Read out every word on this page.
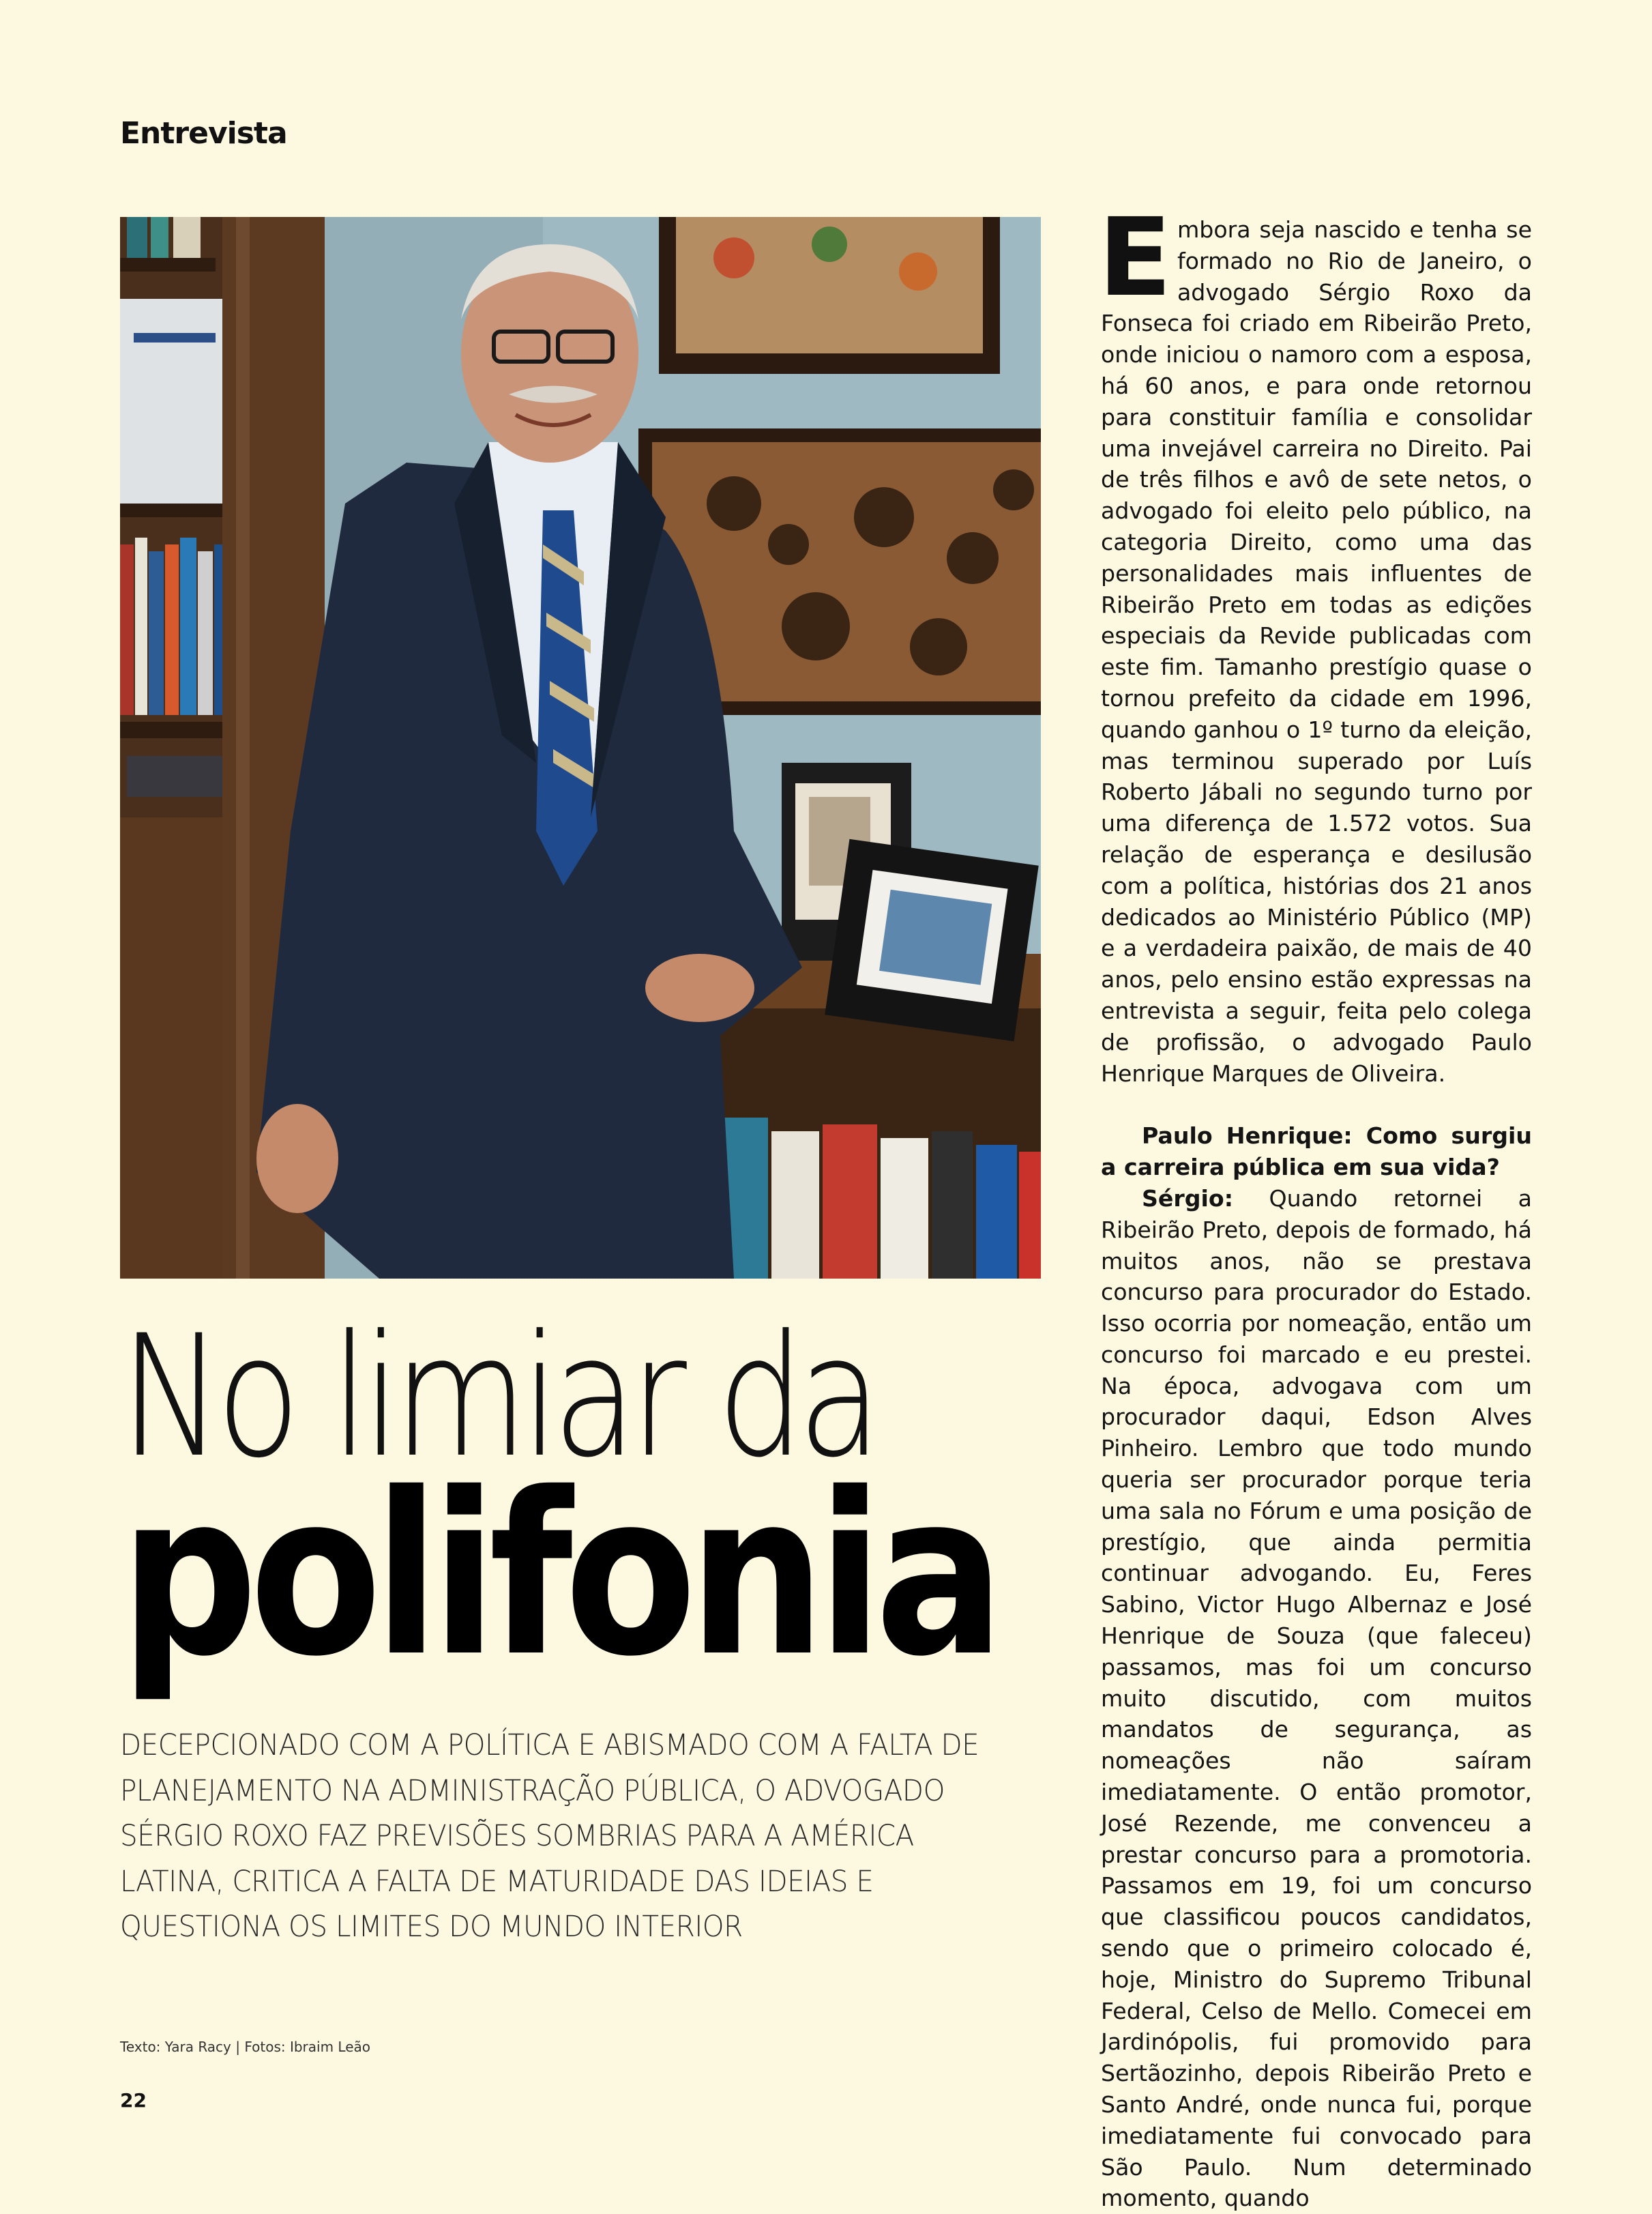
Entrevista

Embora seja nascido e tenha se formado no Rio de Janeiro, o advogado Sérgio Roxo da Fonseca foi criado em Ribeirão Preto, onde iniciou o namoro com a esposa, há 60 anos, e para onde retornou para constituir família e consolidar uma invejável carreira no Direito. Pai de três filhos e avô de sete netos, o advogado foi eleito pelo público, na categoria Direito, como uma das personalidades mais influentes de Ribeirão Preto em todas as edições especiais da Revide publicadas com este fim. Tamanho prestígio quase o tornou prefeito da cidade em 1996, quando ganhou o 1º turno da eleição, mas terminou superado por Luís Roberto Jábali no segundo turno por uma diferença de 1.572 votos. Sua relação de esperança e desilusão com a política, histórias dos 21 anos dedicados ao Ministério Público (MP) e a verdadeira paixão, de mais de 40 anos, pelo ensino estão expressas na entrevista a seguir, feita pelo colega de profissão, o advogado Paulo Henrique Marques de Oliveira.

Paulo Henrique: Como surgiu a carreira pública em sua vida?

Sérgio: Quando retornei a Ribeirão Preto, depois de formado, há muitos anos, não se prestava concurso para procurador do Estado. Isso ocorria por nomeação, então um concurso foi marcado e eu prestei. Na época, advogava com um procurador daqui, Edson Alves Pinheiro. Lembro que todo mundo queria ser procurador porque teria uma sala no Fórum e uma posição de prestígio, que ainda permitia continuar advogando. Eu, Feres Sabino, Victor Hugo Albernaz e José Henrique de Souza (que faleceu) passamos, mas foi um concurso muito discutido, com muitos mandatos de segurança, as nomeações não saíram imediatamente. O então promotor, José Rezende, me convenceu a prestar concurso para a promotoria. Passamos em 19, foi um concurso que classificou poucos candidatos, sendo que o primeiro colocado é, hoje, Ministro do Supremo Tribunal Federal, Celso de Mello. Comecei em Jardinópolis, fui promovido para Sertãozinho, depois Ribeirão Preto e Santo André, onde nunca fui, porque imediatamente fui convocado para São Paulo. Num determinado momento, quando

No limiar da
polifonia
DECEPCIONADO COM A POLÍTICA E ABISMADO COM A FALTA DE
PLANEJAMENTO NA ADMINISTRAÇÃO PÚBLICA, O ADVOGADO
SÉRGIO ROXO FAZ PREVISÕES SOMBRIAS PARA A AMÉRICA
LATINA, CRITICA A FALTA DE MATURIDADE DAS IDEIAS E
QUESTIONA OS LIMITES DO MUNDO INTERIOR
Texto: Yara Racy | Fotos: Ibraim Leão
22
